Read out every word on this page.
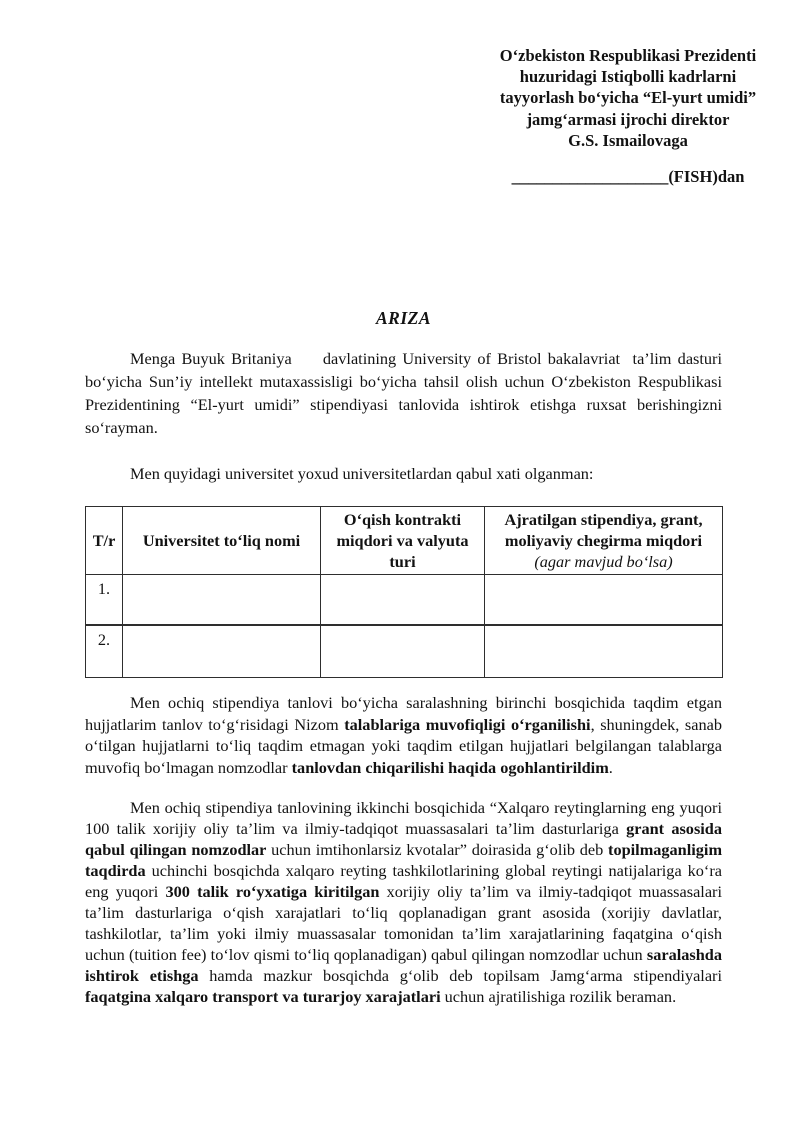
Oʻzbekiston Respublikasi Prezidenti
huzuridagi Istiqbolli kadrlarni
tayyorlash boʻyicha “El-yurt umidi”
jamgʻarmasi ijrochi direktor
G.S. Ismailovaga
___________________(FISH)dan
ARIZA

Menga Buyuk Britaniya     davlatining University of Bristol bakalavriat  ta’lim dasturi boʻyicha Sun’iy intellekt mutaxassisligi boʻyicha tahsil olish uchun Oʻzbekiston Respublikasi Prezidentining “El-yurt umidi” stipendiyasi tanlovida ishtirok etishga ruxsat berishingizni soʻrayman.

Men quyidagi universitet yoxud universitetlardan qabul xati olganman:

T/r	Universitet toʻliq nomi	Oʻqish kontrakti miqdori va valyuta turi	Ajratilgan stipendiya, grant, moliyaviy chegirma miqdori
(agar mavjud boʻlsa)

1.			
2.			

Men ochiq stipendiya tanlovi boʻyicha saralashning birinchi bosqichida taqdim etgan hujjatlarim tanlov toʻgʻrisidagi Nizom talablariga muvofiqligi oʻrganilishi, shuningdek, sanab oʻtilgan hujjatlarni toʻliq taqdim etmagan yoki taqdim etilgan hujjatlari belgilangan talablarga muvofiq boʻlmagan nomzodlar tanlovdan chiqarilishi haqida ogohlantirildim.

Men ochiq stipendiya tanlovining ikkinchi bosqichida “Xalqaro reytinglarning eng yuqori 100 talik xorijiy oliy ta’lim va ilmiy-tadqiqot muassasalari ta’lim dasturlariga grant asosida qabul qilingan nomzodlar uchun imtihonlarsiz kvotalar” doirasida gʻolib deb topilmaganligim taqdirda uchinchi bosqichda xalqaro reyting tashkilotlarining global reytingi natijalariga koʻra eng yuqori 300 talik roʻyxatiga kiritilgan xorijiy oliy ta’lim va ilmiy-tadqiqot muassasalari ta’lim dasturlariga oʻqish xarajatlari toʻliq qoplanadigan grant asosida (xorijiy davlatlar, tashkilotlar, ta’lim yoki ilmiy muassasalar tomonidan ta’lim xarajatlarining faqatgina oʻqish uchun (tuition fee) toʻlov qismi toʻliq qoplanadigan) qabul qilingan nomzodlar uchun saralashda ishtirok etishga hamda mazkur bosqichda gʻolib deb topilsam Jamgʻarma stipendiyalari faqatgina xalqaro transport va turarjoy xarajatlari uchun ajratilishiga rozilik beraman.
